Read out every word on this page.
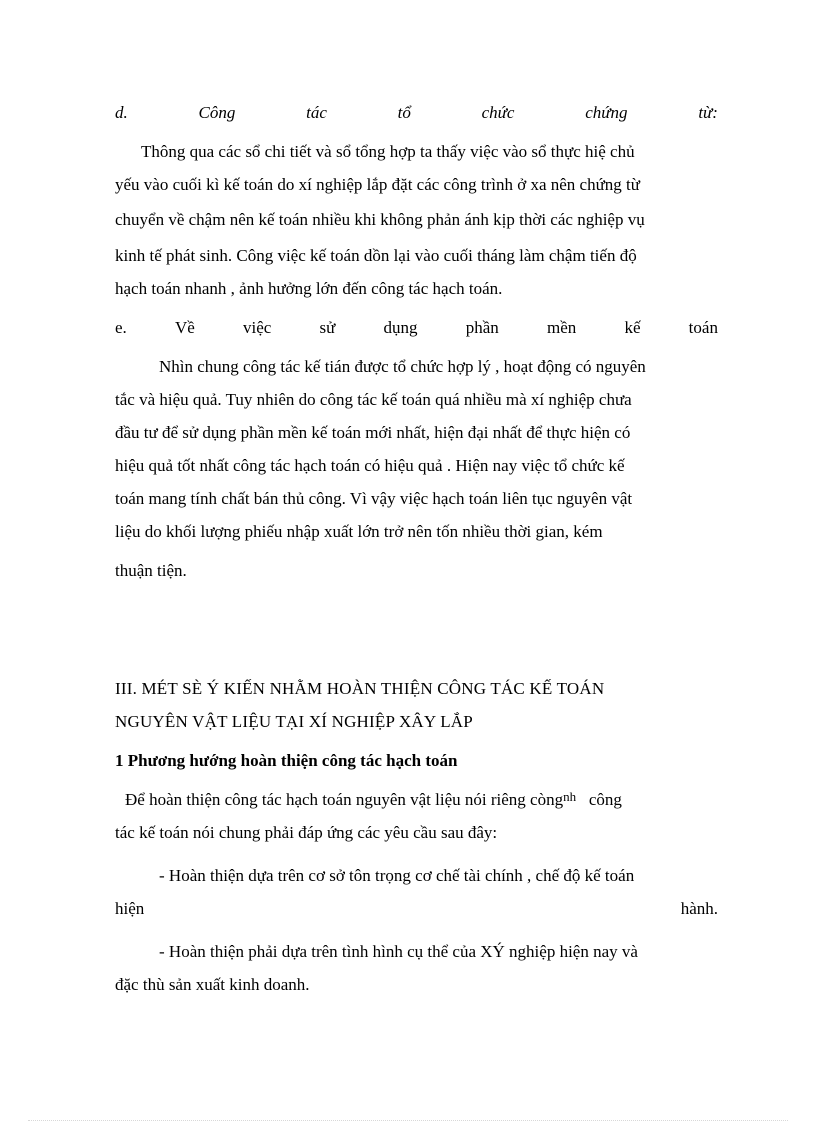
d.	Công	tác	tổ	chức	chứng	từ:
Thông qua các sổ chi tiết và sổ tổng hợp ta thấy việc vào sổ thực hiệ chủ
yếu vào cuối kì kế toán do xí nghiệp lắp đặt các công trình ở xa nên chứng từ
chuyển về chậm nên kế toán nhiều khi không phản ánh kịp thời các nghiệp vụ
kinh tế phát sinh. Công việc kế toán dồn lại vào cuối tháng làm chậm tiến độ
hạch toán nhanh , ảnh hưởng lớn đến công tác hạch toán.
e.	Về	việc	sử	dụng	phần	mền	kế	toán
Nhìn chung công tác kế tián được tổ chức hợp lý , hoạt động có nguyên
tắc và hiệu quả. Tuy nhiên do công tác kế toán quá nhiều mà xí nghiệp chưa
đầu tư để sử dụng phần mền kế toán mới nhất, hiện đại nhất để thực hiện có
hiệu quả tốt nhất công tác hạch toán có hiệu quả . Hiện nay việc tổ chức kế
toán mang tính chất bán thủ công. Vì vậy việc hạch toán liên tục nguyên vật
liệu do khối lượng phiếu nhập xuất lớn trở nên tốn nhiều thời gian, kém
thuận tiện.
III. MÉT SÈ Ý KIẾN NHẰM HOÀN THIỆN CÔNG TÁC KẾ TOÁN
NGUYÊN VẬT LIỆU TẠI XÍ NGHIỆP XÂY LẮP
1 Phương hướng hoàn thiện công tác hạch toán
Để hoàn thiện công tác hạch toán nguyên vật liệu nói riêng còng$^{nh}$ công
tác kế toán nói chung phải đáp ứng các yêu cầu sau đây:
- Hoàn thiện dựa trên cơ sở tôn trọng cơ chế tài chính , chế độ kế toán
hiện	hành.
- Hoàn thiện phải dựa trên tình hình cụ thể của XÝ nghiệp hiện nay và
đặc thù sản xuất kinh doanh.
